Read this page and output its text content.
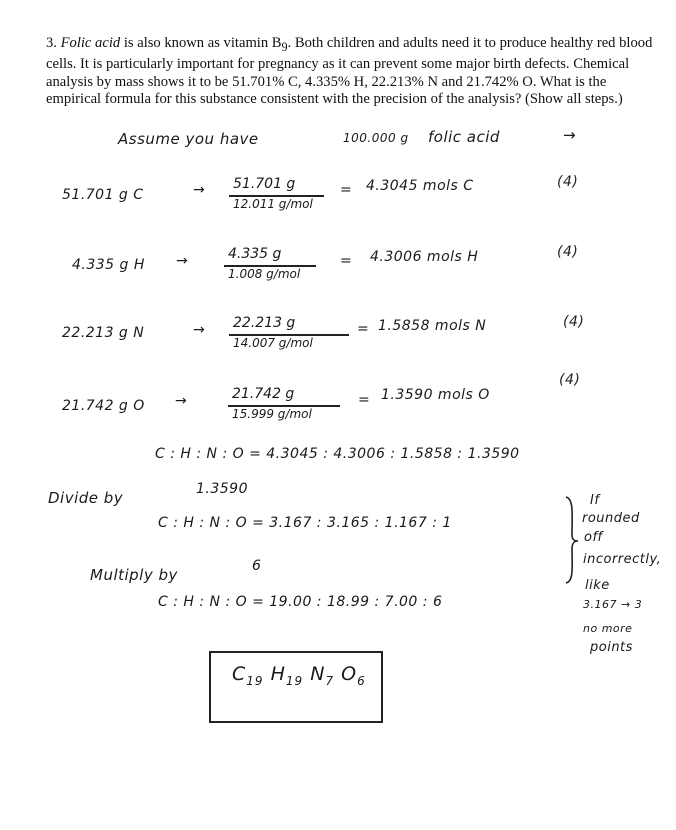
3. Folic acid is also known as vitamin $B_9$. Both children and adults need it to produce healthy red blood cells. It is particularly important for pregnancy as it can prevent some major birth defects. Chemical analysis by mass shows it to be 51.701% C, 4.335% H, 22.213% N and 21.742% O. What is the empirical formula for this substance consistent with the precision of the analysis? (Show all steps.)

Assume you have	100.000 g folic acid	→
51.701 g C	→ 51.701 g
12.011 g/mol
= 4.3045 mols C	(4)
4.335 g H →	4.335 g
1.008 g/mol
= 4.3006 mols H	(4)
22.213 g N	→ 22.213 g
14.007 g/mol
= 1.5858 mols N	(4)
21.742 g O →	21.742 g
15.999 g/mol
= 1.3590 mols O
(4)
C : H : N : O = 4.3045 : 4.3006 : 1.5858 : 1.3590
Divide by	1.3590
C : H : N : O = 3.167 : 3.165 : 1.167 : 1
Multiply by	6
C : H : N : O = 19.00 : 18.99 : 7.00 : 6
If
rounded
off
incorrectly,
like
3.167 → 3
no more
points
$C_{19}$ $H_{19}$ $N_7$ $O_6$
